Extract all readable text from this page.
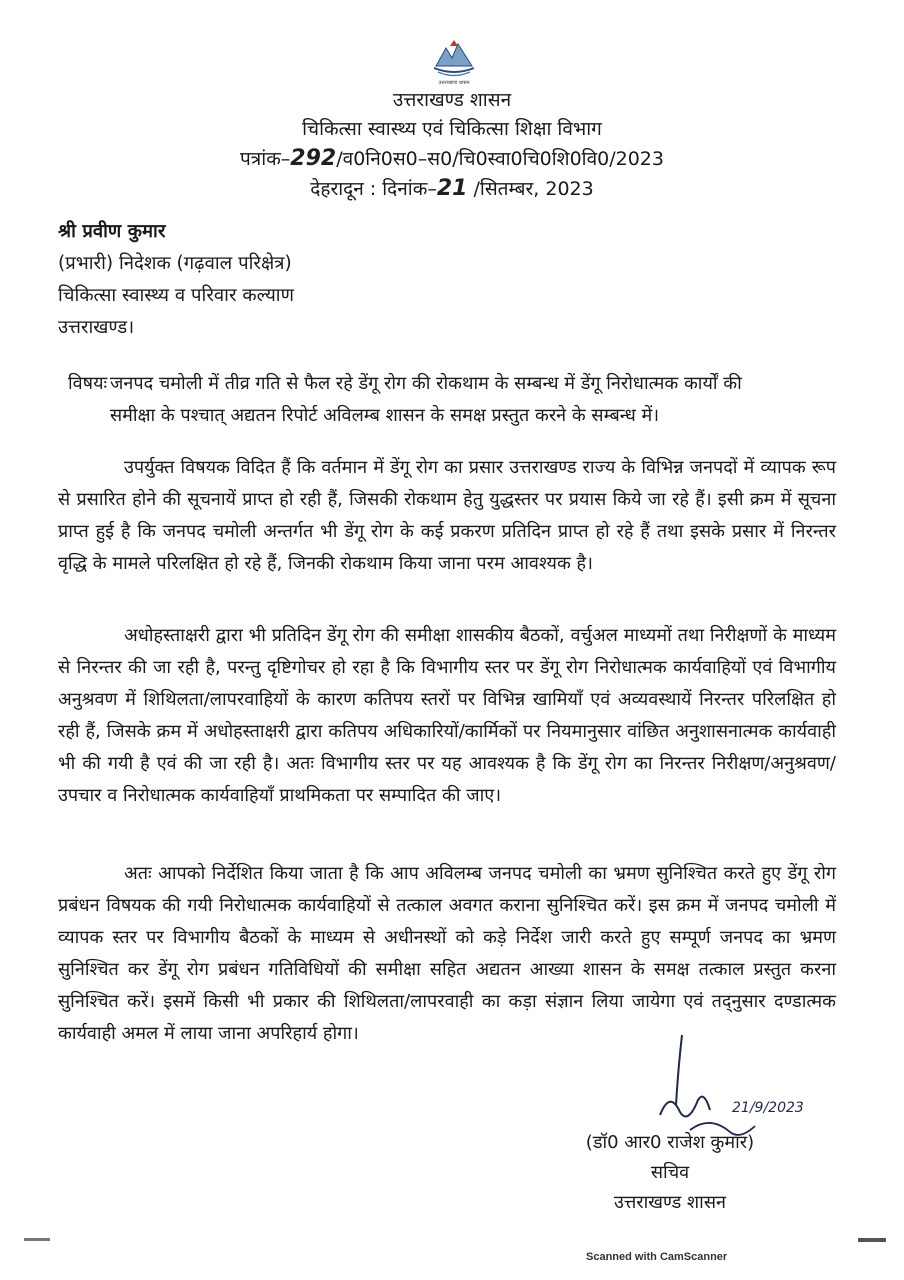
उत्तराखण्ड शासन
उत्तराखण्ड शासन
चिकित्सा स्वास्थ्य एवं चिकित्सा शिक्षा विभाग
पत्रांक–292/व0नि0स0–स0/चि0स्वा0चि0शि0वि0/2023
देहरादून : दिनांक–21 /सितम्बर, 2023
श्री प्रवीण कुमार
(प्रभारी) निदेशक (गढ़वाल परिक्षेत्र)
चिकित्सा स्वास्थ्य व परिवार कल्याण
उत्तराखण्ड।
विषयः जनपद चमोली में तीव्र गति से फैल रहे डेंगू रोग की रोकथाम के सम्बन्ध में डेंगू निरोधात्मक कार्यों की
समीक्षा के पश्चात् अद्यतन रिपोर्ट अविलम्ब शासन के समक्ष प्रस्तुत करने के सम्बन्ध में।

उपर्युक्त विषयक विदित हैं कि वर्तमान में डेंगू रोग का प्रसार उत्तराखण्ड राज्य के विभिन्न जनपदों में व्यापक रूप से प्रसारित होने की सूचनायें प्राप्त हो रही हैं, जिसकी रोकथाम हेतु युद्धस्तर पर प्रयास किये जा रहे हैं। इसी क्रम में सूचना प्राप्त हुई है कि जनपद चमोली अन्तर्गत भी डेंगू रोग के कई प्रकरण प्रतिदिन प्राप्त हो रहे हैं तथा इसके प्रसार में निरन्तर वृद्धि के मामले परिलक्षित हो रहे हैं, जिनकी रोकथाम किया जाना परम आवश्यक है।

अधोहस्ताक्षरी द्वारा भी प्रतिदिन डेंगू रोग की समीक्षा शासकीय बैठकों, वर्चुअल माध्यमों तथा निरीक्षणों के माध्यम से निरन्तर की जा रही है, परन्तु दृष्टिगोचर हो रहा है कि विभागीय स्तर पर डेंगू रोग निरोधात्मक कार्यवाहियों एवं विभागीय अनुश्रवण में शिथिलता/लापरवाहियों के कारण कतिपय स्तरों पर विभिन्न खामियाँ एवं अव्यवस्थायें निरन्तर परिलक्षित हो रही हैं, जिसके क्रम में अधोहस्ताक्षरी द्वारा कतिपय अधिकारियों/कार्मिकों पर नियमानुसार वांछित अनुशासनात्मक कार्यवाही भी की गयी है एवं की जा रही है। अतः विभागीय स्तर पर यह आवश्यक है कि डेंगू रोग का निरन्तर निरीक्षण/अनुश्रवण/उपचार व निरोधात्मक कार्यवाहियाँ प्राथमिकता पर सम्पादित की जाए।

अतः आपको निर्देशित किया जाता है कि आप अविलम्ब जनपद चमोली का भ्रमण सुनिश्चित करते हुए डेंगू रोग प्रबंधन विषयक की गयी निरोधात्मक कार्यवाहियों से तत्काल अवगत कराना सुनिश्चित करें। इस क्रम में जनपद चमोली में व्यापक स्तर पर विभागीय बैठकों के माध्यम से अधीनस्थों को कड़े निर्देश जारी करते हुए सम्पूर्ण जनपद का भ्रमण सुनिश्चित कर डेंगू रोग प्रबंधन गतिविधियों की समीक्षा सहित अद्यतन आख्या शासन के समक्ष तत्काल प्रस्तुत करना सुनिश्चित करें। इसमें किसी भी प्रकार की शिथिलता/लापरवाही का कड़ा संज्ञान लिया जायेगा एवं तद्नुसार दण्डात्मक कार्यवाही अमल में लाया जाना अपरिहार्य होगा।

21/9/2023
(डॉ0 आर0 राजेश कुमार)
सचिव
उत्तराखण्ड शासन
Scanned with CamScanner
